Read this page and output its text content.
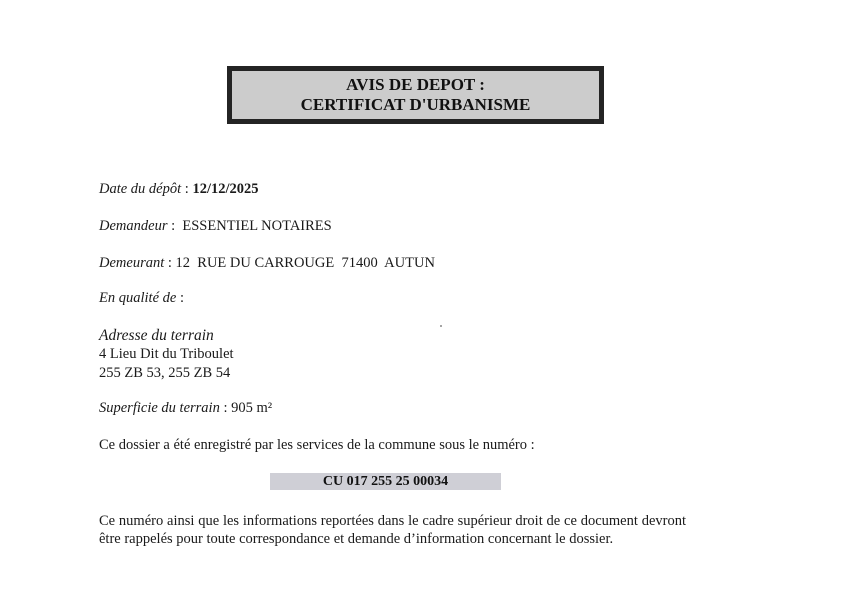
AVIS DE DEPOT :
CERTIFICAT D'URBANISME
Date du dépôt : 12/12/2025
Demandeur :  ESSENTIEL NOTAIRES
Demeurant : 12  RUE DU CARROUGE  71400  AUTUN
En qualité de :
Adresse du terrain
4 Lieu Dit du Triboulet
255 ZB 53, 255 ZB 54
Superficie du terrain : 905 m²
Ce dossier a été enregistré par les services de la commune sous le numéro :
CU 017 255 25 00034
Ce numéro ainsi que les informations reportées dans le cadre supérieur droit de ce document devront être rappelés pour toute correspondance et demande d’information concernant le dossier.
